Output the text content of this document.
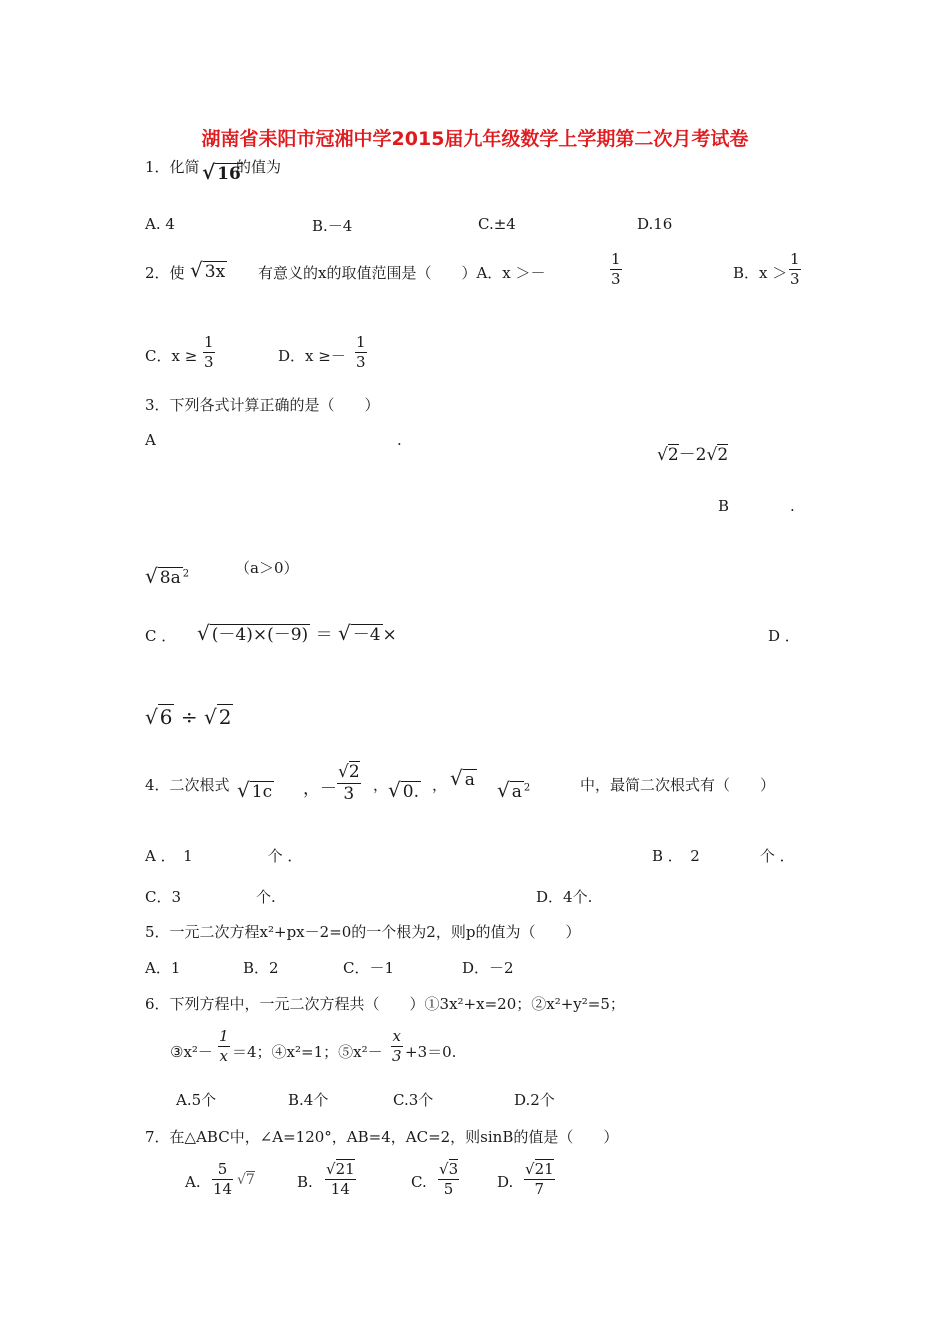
湖南省耒阳市冠湘中学2015届九年级数学上学期第二次月考试卷
1．化简 √ 16
的值为
A. 4	B.－4	C.±4	D.16
2．使 √ 3x 有意义的x的取值范围是（　　）A．x ＞－
1
3	B．x ＞
1
3
C．x ≥
1
3	D．x ≥－
1
3
3．下列各式计算正确的是（　　）
A	.
√2－2√2
B	.
√ 8a $^2$	（a＞0）
C ． √ (－4)×(－9) ＝ √ －4 ×	D ．
√ 6 ÷ √ 2
4．二次根式 √ 1c ，－
√2
3	， √ 0. ， √ a √ a $^2$	中，最简二次根式有（　　）
A ．　1　　　　　个 ．	B ．　2　　　　个 ．
C．3　　　　　个.	D．4个.
5．一元二次方程x²+px－2=0的一个根为2，则p的值为（　　）
A．1	B．2	C．－1	D．－2
6．下列方程中，一元二次方程共（　　）①3x²+x=20；②x²+y²=5；
③x²－
1
x ＝4；④x²=1；⑤x²－
x
3 +3＝0.
A.5个	B.4个	C.3个	D.2个
7．在△ABC中，∠A=120°，AB=4，AC=2，则sinB的值是（　　）
A.
5
14 √7	B.
√21
14	C.
√3
5	D.
√21
7
